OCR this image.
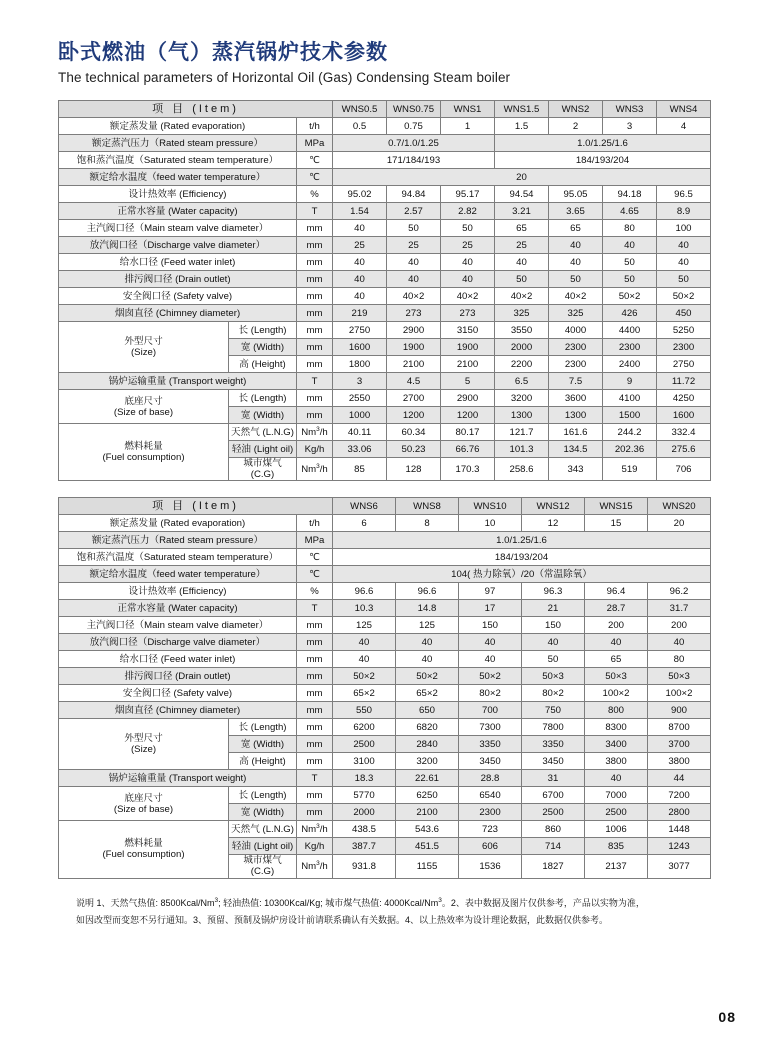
卧式燃油（气）蒸汽锅炉技术参数
The technical parameters of Horizontal Oil (Gas) Condensing Steam boiler
项 目 (Item)			WNS0.5	WNS0.75	WNS1	WNS1.5	WNS2	WNS3	WNS4
额定蒸发量 (Rated evaporation)		t/h	0.5	0.75	1	1.5	2	3	4
额定蒸汽压力（Rated steam pressure）		MPa	0.7/1.0/1.25			1.0/1.25/1.6			
饱和蒸汽温度（Saturated steam temperature）		℃	171/184/193			184/193/204			
额定给水温度（feed water temperature）		℃	20						
设计热效率 (Efficiency)		%	95.02	94.84	95.17	94.54	95.05	94.18	96.5
正常水容量 (Water capacity)		T	1.54	2.57	2.82	3.21	3.65	4.65	8.9
主汽阀口径（Main steam valve diameter）		mm	40	50	50	65	65	80	100
放汽阀口径（Discharge valve diameter）		mm	25	25	25	25	40	40	40
给水口径 (Feed water inlet)		mm	40	40	40	40	40	50	40
排污阀口径 (Drain outlet)		mm	40	40	40	50	50	50	50
安全阀口径 (Safety valve)		mm	40	40×2	40×2	40×2	40×2	50×2	50×2
烟囱直径 (Chimney diameter)		mm	219	273	273	325	325	426	450
外型尺寸
(Size)	长 (Length)	mm	2750	2900	3150	3550	4000	4400	5250
	宽 (Width)	mm	1600	1900	1900	2000	2300	2300	2300
	高 (Height)	mm	1800	2100	2100	2200	2300	2400	2750
锅炉运输重量 (Transport weight)		T	3	4.5	5	6.5	7.5	9	11.72
底座尺寸
(Size of base)	长 (Length)	mm	2550	2700	2900	3200	3600	4100	4250
	宽 (Width)	mm	1000	1200	1200	1300	1300	1500	1600
燃料耗量
(Fuel consumption)	天然气 (L.N.G)	Nm$^3$/h	40.11	60.34	80.17	121.7	161.6	244.2	332.4
	轻油 (Light oil)	Kg/h	33.06	50.23	66.76	101.3	134.5	202.36	275.6
	城市煤气 (C.G)	Nm$^3$/h	85	128	170.3	258.6	343	519	706
项 目 (Item)			WNS6	WNS8	WNS10	WNS12	WNS15	WNS20
额定蒸发量 (Rated evaporation)		t/h	6	8	10	12	15	20
额定蒸汽压力（Rated steam pressure）		MPa	1.0/1.25/1.6					
饱和蒸汽温度（Saturated steam temperature）		℃	184/193/204					
额定给水温度（feed water temperature）		℃	104( 热力除氧）/20（常温除氧）					
设计热效率 (Efficiency)		%	96.6	96.6	97	96.3	96.4	96.2
正常水容量 (Water capacity)		T	10.3	14.8	17	21	28.7	31.7
主汽阀口径（Main steam valve diameter）		mm	125	125	150	150	200	200
放汽阀口径（Discharge valve diameter）		mm	40	40	40	40	40	40
给水口径 (Feed water inlet)		mm	40	40	40	50	65	80
排污阀口径 (Drain outlet)		mm	50×2	50×2	50×2	50×3	50×3	50×3
安全阀口径 (Safety valve)		mm	65×2	65×2	80×2	80×2	100×2	100×2
烟囱直径 (Chimney diameter)		mm	550	650	700	750	800	900
外型尺寸
(Size)	长 (Length)	mm	6200	6820	7300	7800	8300	8700
	宽 (Width)	mm	2500	2840	3350	3350	3400	3700
	高 (Height)	mm	3100	3200	3450	3450	3800	3800
锅炉运输重量 (Transport weight)		T	18.3	22.61	28.8	31	40	44
底座尺寸
(Size of base)	长 (Length)	mm	5770	6250	6540	6700	7000	7200
	宽 (Width)	mm	2000	2100	2300	2500	2500	2800
燃料耗量
(Fuel consumption)	天然气 (L.N.G)	Nm$^3$/h	438.5	543.6	723	860	1006	1448
	轻油 (Light oil)	Kg/h	387.7	451.5	606	714	835	1243
	城市煤气 (C.G)	Nm$^3$/h	931.8	1155	1536	1827	2137	3077
说明 1、天然气热值: 8500Kcal/Nm$^3$; 轻油热值: 10300Kcal/Kg; 城市煤气热值: 4000Kcal/Nm$^3$。2、表中数据及图片仅供参考，产品以实物为准，
如因改型而变恕不另行通知。3、预留、预制及锅炉房设计前请联系确认有关数据。4、以上热效率为设计理论数据，此数据仅供参考。
08
